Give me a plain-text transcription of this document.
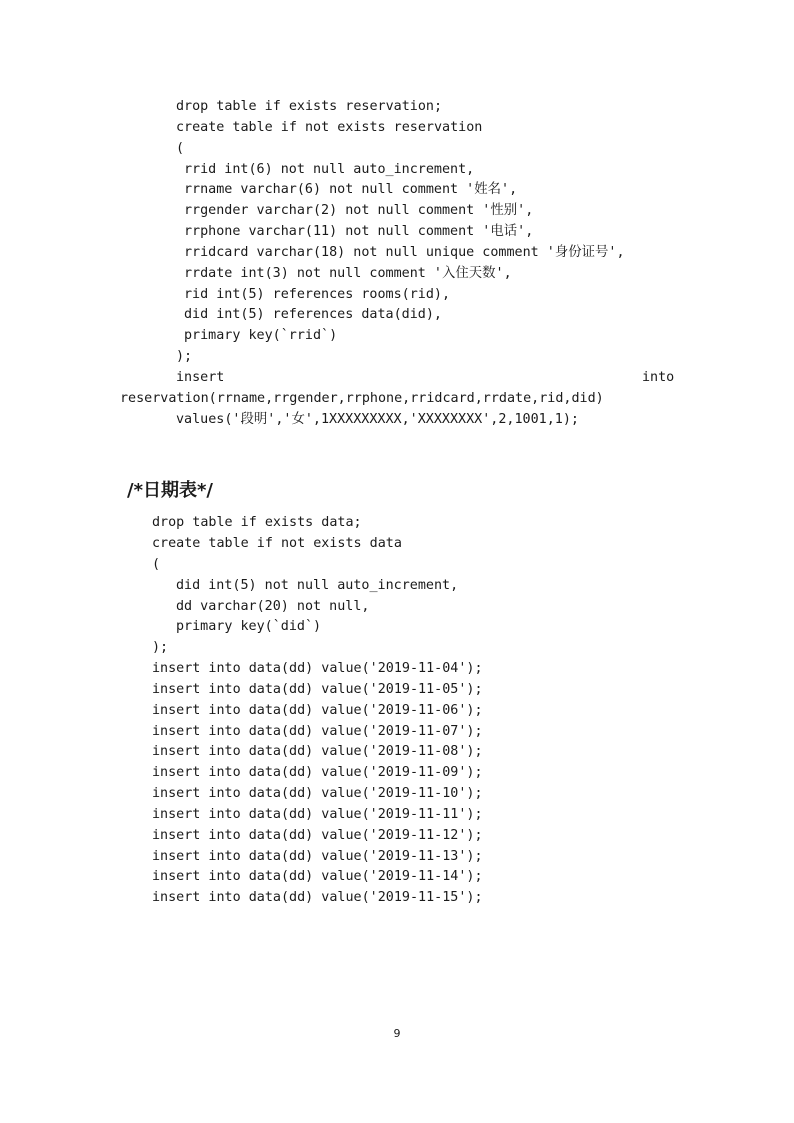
drop table if exists reservation;
create table if not exists reservation
(
rrid int(6) not null auto_increment,
rrname varchar(6) not null comment '姓名',
rrgender varchar(2) not null comment '性别',
rrphone varchar(11) not null comment '电话',
rridcard varchar(18) not null unique comment '身份证号',
rrdate int(3) not null comment '入住天数',
rid int(5) references rooms(rid),
did int(5) references data(did),
primary key(`rrid`)
);
insert	into
reservation(rrname,rrgender,rrphone,rridcard,rrdate,rid,did)
values('段明','女',1XXXXXXXXX,'XXXXXXXX',2,1001,1);
/*日期表*/
drop table if exists data;
create table if not exists data
(
did int(5) not null auto_increment,
dd varchar(20) not null,
primary key(`did`)
);
insert into data(dd) value('2019-11-04');
insert into data(dd) value('2019-11-05');
insert into data(dd) value('2019-11-06');
insert into data(dd) value('2019-11-07');
insert into data(dd) value('2019-11-08');
insert into data(dd) value('2019-11-09');
insert into data(dd) value('2019-11-10');
insert into data(dd) value('2019-11-11');
insert into data(dd) value('2019-11-12');
insert into data(dd) value('2019-11-13');
insert into data(dd) value('2019-11-14');
insert into data(dd) value('2019-11-15');
9
